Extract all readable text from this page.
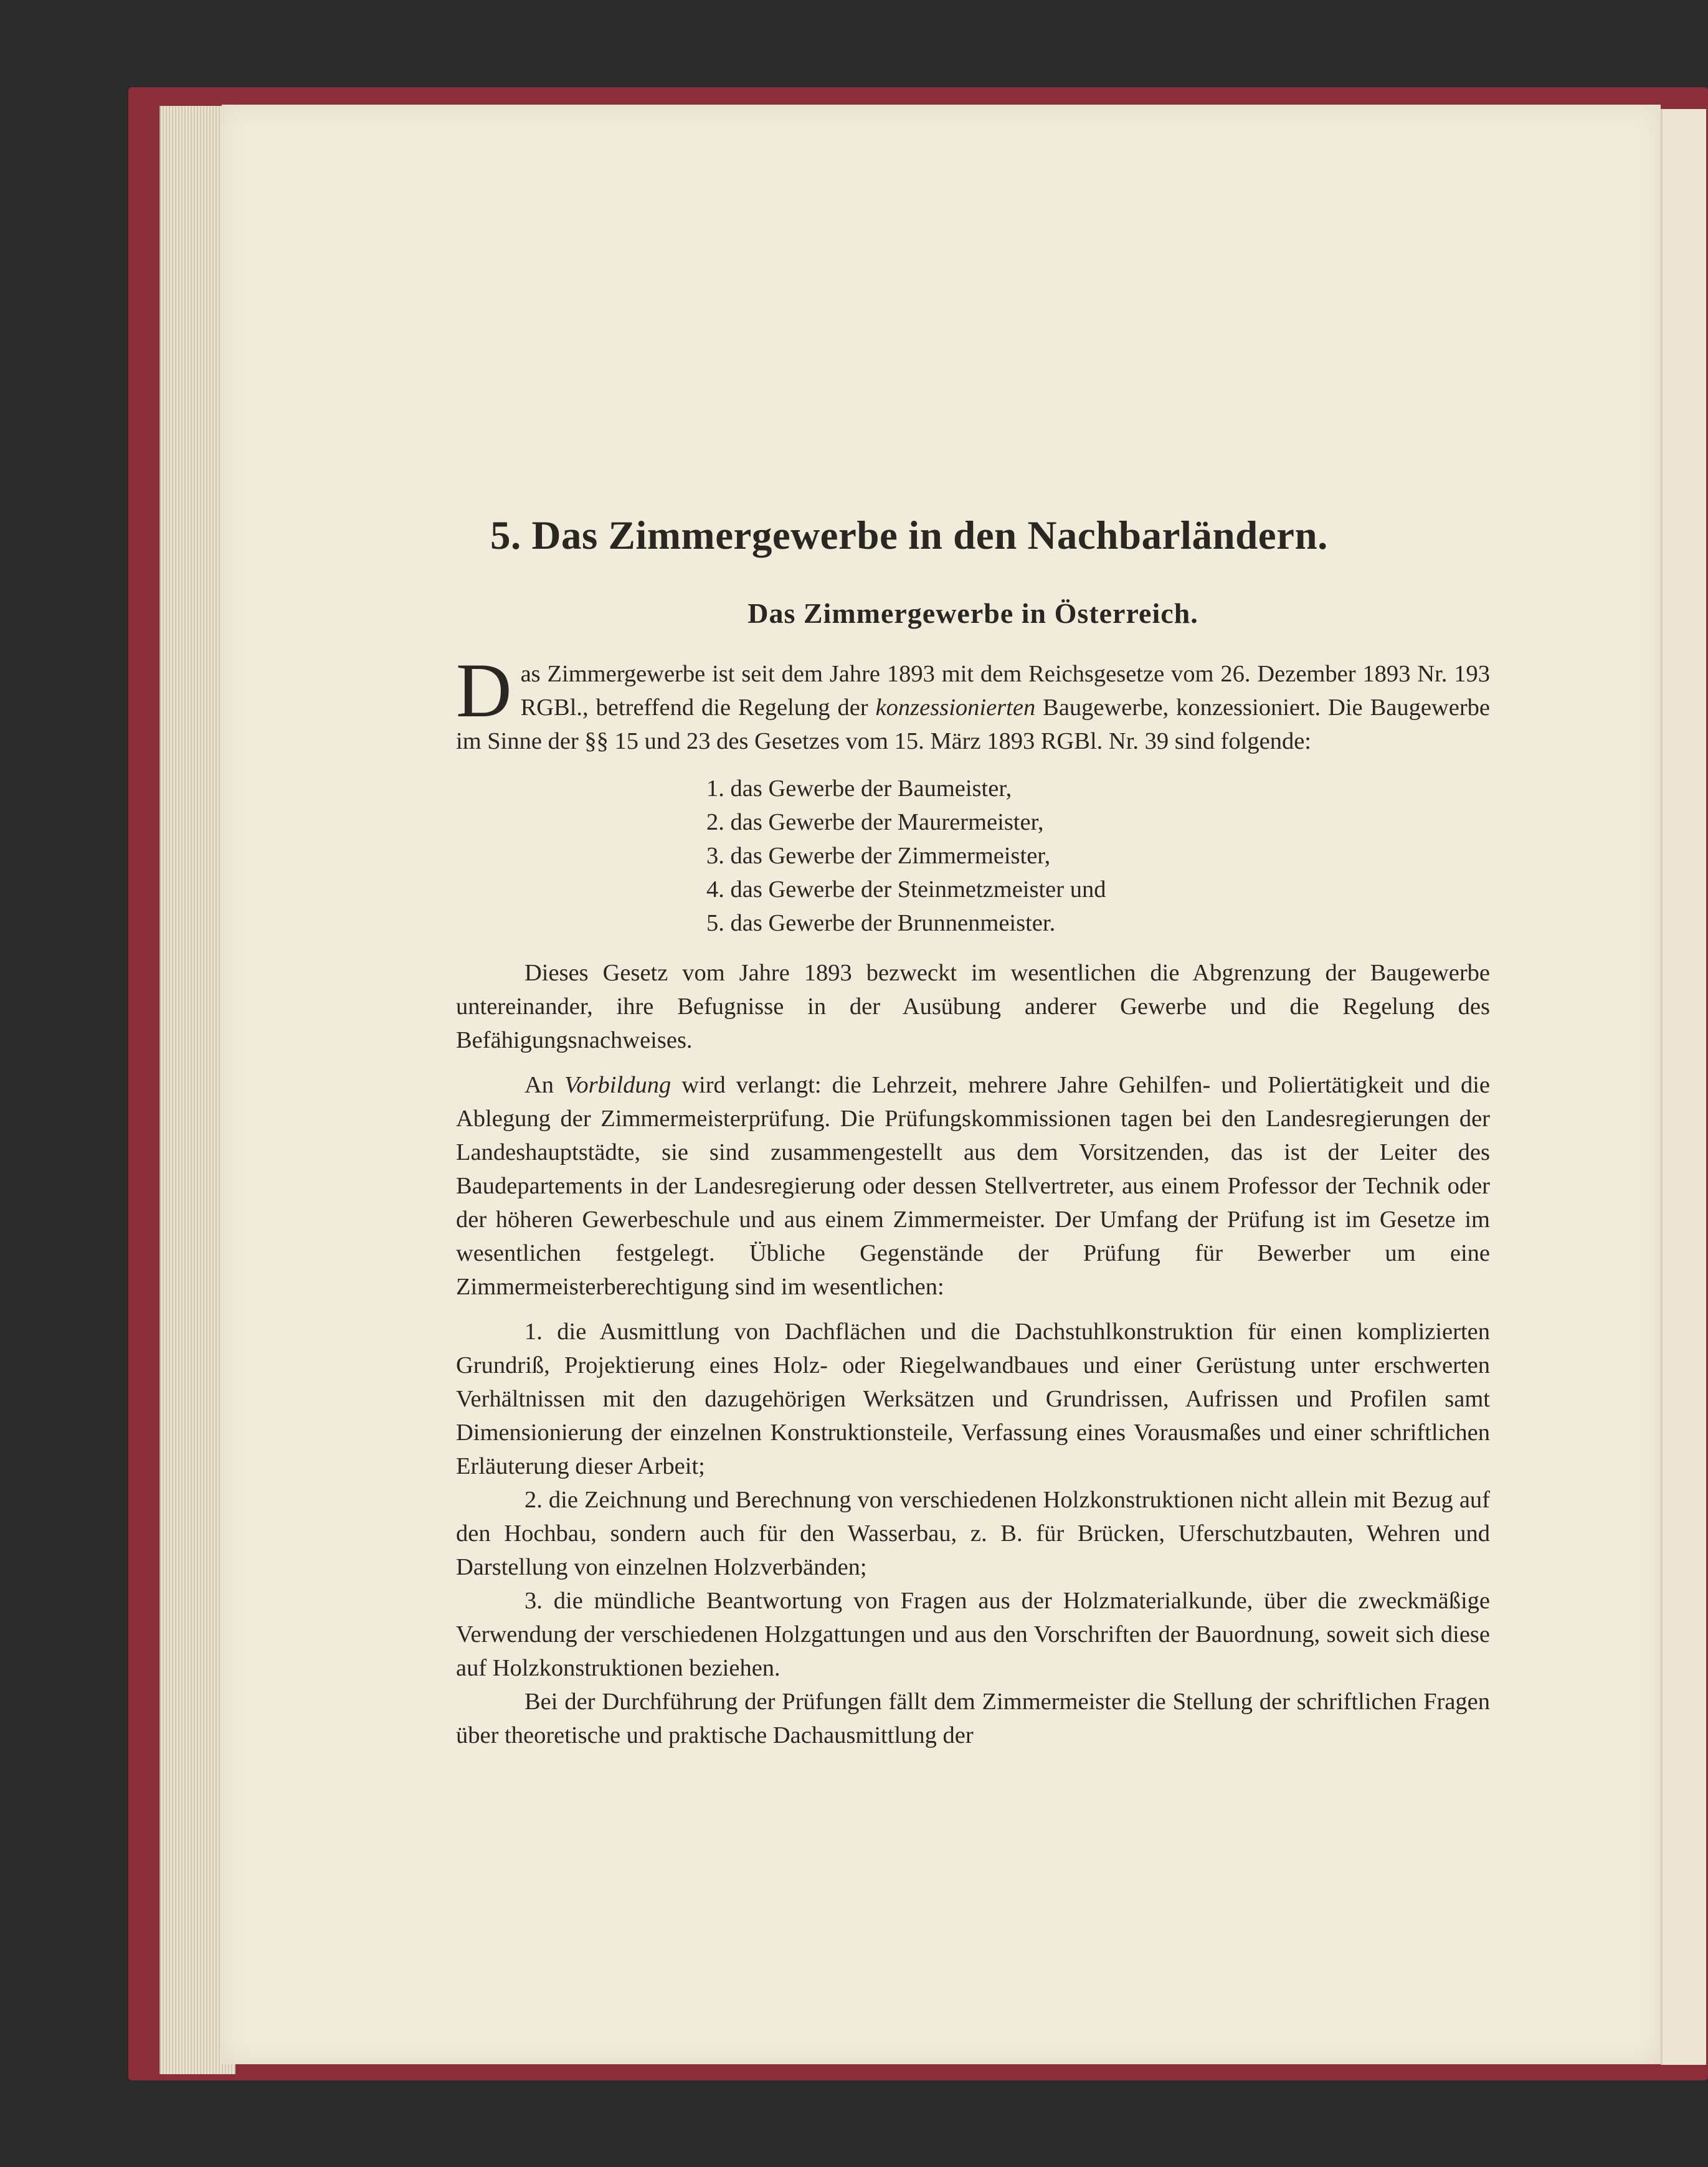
5. Das Zimmergewerbe in den Nachbarländern.
Das Zimmergewerbe in Österreich.

Das Zimmergewerbe ist seit dem Jahre 1893 mit dem Reichsgesetze vom 26. Dezember 1893 Nr. 193 RGBl., betreffend die Regelung der konzessionierten Baugewerbe, konzessioniert. Die Baugewerbe im Sinne der §§ 15 und 23 des Gesetzes vom 15. März 1893 RGBl. Nr. 39 sind folgende:

1. das Gewerbe der Baumeister,
2. das Gewerbe der Maurermeister,
3. das Gewerbe der Zimmermeister,
4. das Gewerbe der Steinmetzmeister und
5. das Gewerbe der Brunnenmeister.

Dieses Gesetz vom Jahre 1893 bezweckt im wesentlichen die Abgrenzung der Baugewerbe untereinander, ihre Befugnisse in der Ausübung anderer Gewerbe und die Regelung des Befähigungsnachweises.

An Vorbildung wird verlangt: die Lehrzeit, mehrere Jahre Gehilfen- und Poliertätigkeit und die Ablegung der Zimmermeisterprüfung. Die Prüfungskommissionen tagen bei den Landesregierungen der Landeshauptstädte, sie sind zusammengestellt aus dem Vorsitzenden, das ist der Leiter des Baudepartements in der Landesregierung oder dessen Stellvertreter, aus einem Professor der Technik oder der höheren Gewerbeschule und aus einem Zimmermeister. Der Umfang der Prüfung ist im Gesetze im wesentlichen festgelegt. Übliche Gegenstände der Prüfung für Bewerber um eine Zimmermeisterberechtigung sind im wesentlichen:

1. die Ausmittlung von Dachflächen und die Dachstuhlkonstruktion für einen komplizierten Grundriß, Projektierung eines Holz- oder Riegelwandbaues und einer Gerüstung unter erschwerten Verhältnissen mit den dazugehörigen Werksätzen und Grundrissen, Aufrissen und Profilen samt Dimensionierung der einzelnen Konstruktionsteile, Verfassung eines Vorausmaßes und einer schriftlichen Erläuterung dieser Arbeit;

2. die Zeichnung und Berechnung von verschiedenen Holzkonstruktionen nicht allein mit Bezug auf den Hochbau, sondern auch für den Wasserbau, z. B. für Brücken, Uferschutzbauten, Wehren und Darstellung von einzelnen Holzverbänden;

3. die mündliche Beantwortung von Fragen aus der Holzmaterialkunde, über die zweckmäßige Verwendung der verschiedenen Holzgattungen und aus den Vorschriften der Bauordnung, soweit sich diese auf Holzkonstruktionen beziehen.

Bei der Durchführung der Prüfungen fällt dem Zimmermeister die Stellung der schriftlichen Fragen über theoretische und praktische Dachausmittlung der
